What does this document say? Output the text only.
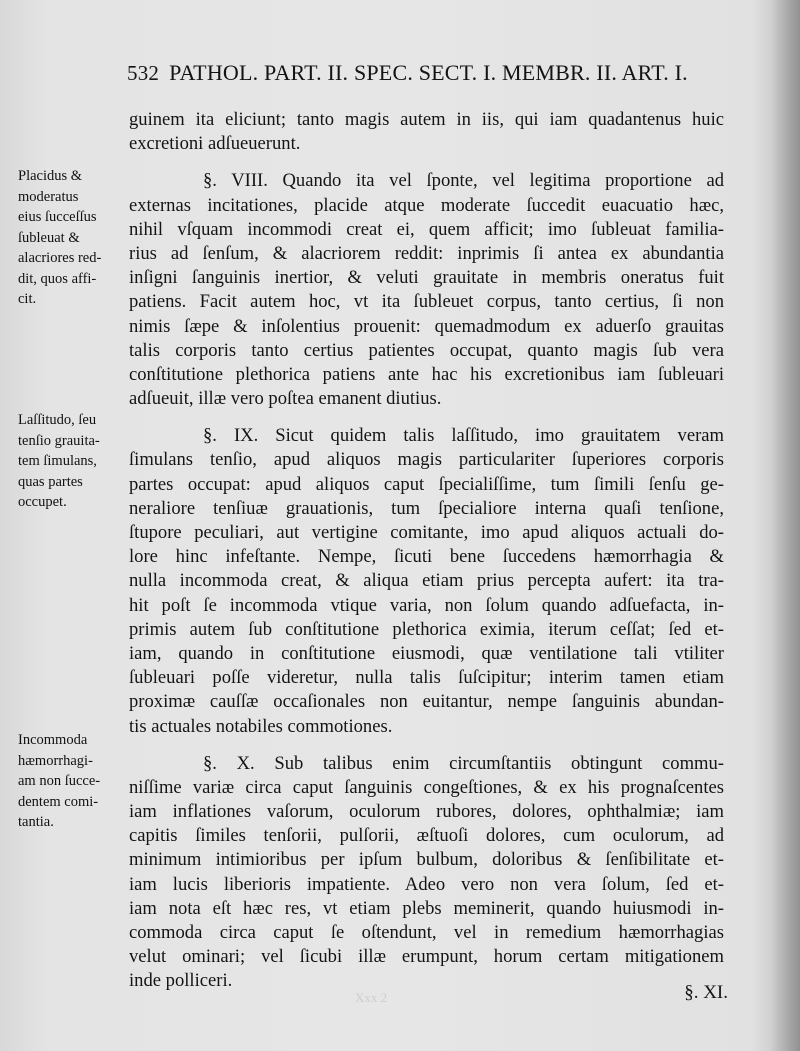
532 PATHOL. PART. II. SPEC. SECT. I. MEMBR. II. ART. I.
guinem ita eliciunt; tanto magis autem in iis, qui iam quadantenus huic
excretioni adſueuerunt.
§. VIII. Quando ita vel ſponte, vel legitima proportione ad
externas incitationes, placide atque moderate ſuccedit euacuatio hæc,
nihil vſquam incommodi creat ei, quem afficit; imo ſubleuat familia-
rius ad ſenſum, & alacriorem reddit: inprimis ſi antea ex abundantia
inſigni ſanguinis inertior, & veluti grauitate in membris oneratus fuit
patiens. Facit autem hoc, vt ita ſubleuet corpus, tanto certius, ſi non
nimis ſæpe & inſolentius prouenit: quemadmodum ex aduerſo grauitas
talis corporis tanto certius patientes occupat, quanto magis ſub vera
conſtitutione plethorica patiens ante hac his excretionibus iam ſubleuari
adſueuit, illæ vero poſtea emanent diutius.
§. IX. Sicut quidem talis laſſitudo, imo grauitatem veram
ſimulans tenſio, apud aliquos magis particulariter ſuperiores corporis
partes occupat: apud aliquos caput ſpecialiſſime, tum ſimili ſenſu ge-
neraliore tenſiuæ grauationis, tum ſpecialiore interna quaſi tenſione,
ſtupore peculiari, aut vertigine comitante, imo apud aliquos actuali do-
lore hinc infeſtante. Nempe, ſicuti bene ſuccedens hæmorrhagia &
nulla incommoda creat, & aliqua etiam prius percepta aufert: ita tra-
hit poſt ſe incommoda vtique varia, non ſolum quando adſuefacta, in-
primis autem ſub conſtitutione plethorica eximia, iterum ceſſat; ſed et-
iam, quando in conſtitutione eiusmodi, quæ ventilatione tali vtiliter
ſubleuari poſſe videretur, nulla talis ſuſcipitur; interim tamen etiam
proximæ cauſſæ occaſionales non euitantur, nempe ſanguinis abundan-
tis actuales notabiles commotiones.
§. X. Sub talibus enim circumſtantiis obtingunt commu-
niſſime variæ circa caput ſanguinis congeſtiones, & ex his prognaſcentes
iam inflationes vaſorum, oculorum rubores, dolores, ophthalmiæ; iam
capitis ſimiles tenſorii, pulſorii, æſtuoſi dolores, cum oculorum, ad
minimum intimioribus per ipſum bulbum, doloribus & ſenſibilitate et-
iam lucis liberioris impatiente. Adeo vero non vera ſolum, ſed et-
iam nota eſt hæc res, vt etiam plebs meminerit, quando huiusmodi in-
commoda circa caput ſe oſtendunt, vel in remedium hæmorrhagias
velut ominari; vel ſicubi illæ erumpunt, horum certam mitigationem
inde polliceri.
Placidus &
moderatus
eius ſucceſſus
ſubleuat &
alacriores red-
dit, quos affi-
cit.
Laſſitudo, ſeu
tenſio grauita-
tem ſimulans,
quas partes
occupet.
Incommoda
hæmorrhagi-
am non ſucce-
dentem comi-
tantia.
Xxx 2	§. XI.
